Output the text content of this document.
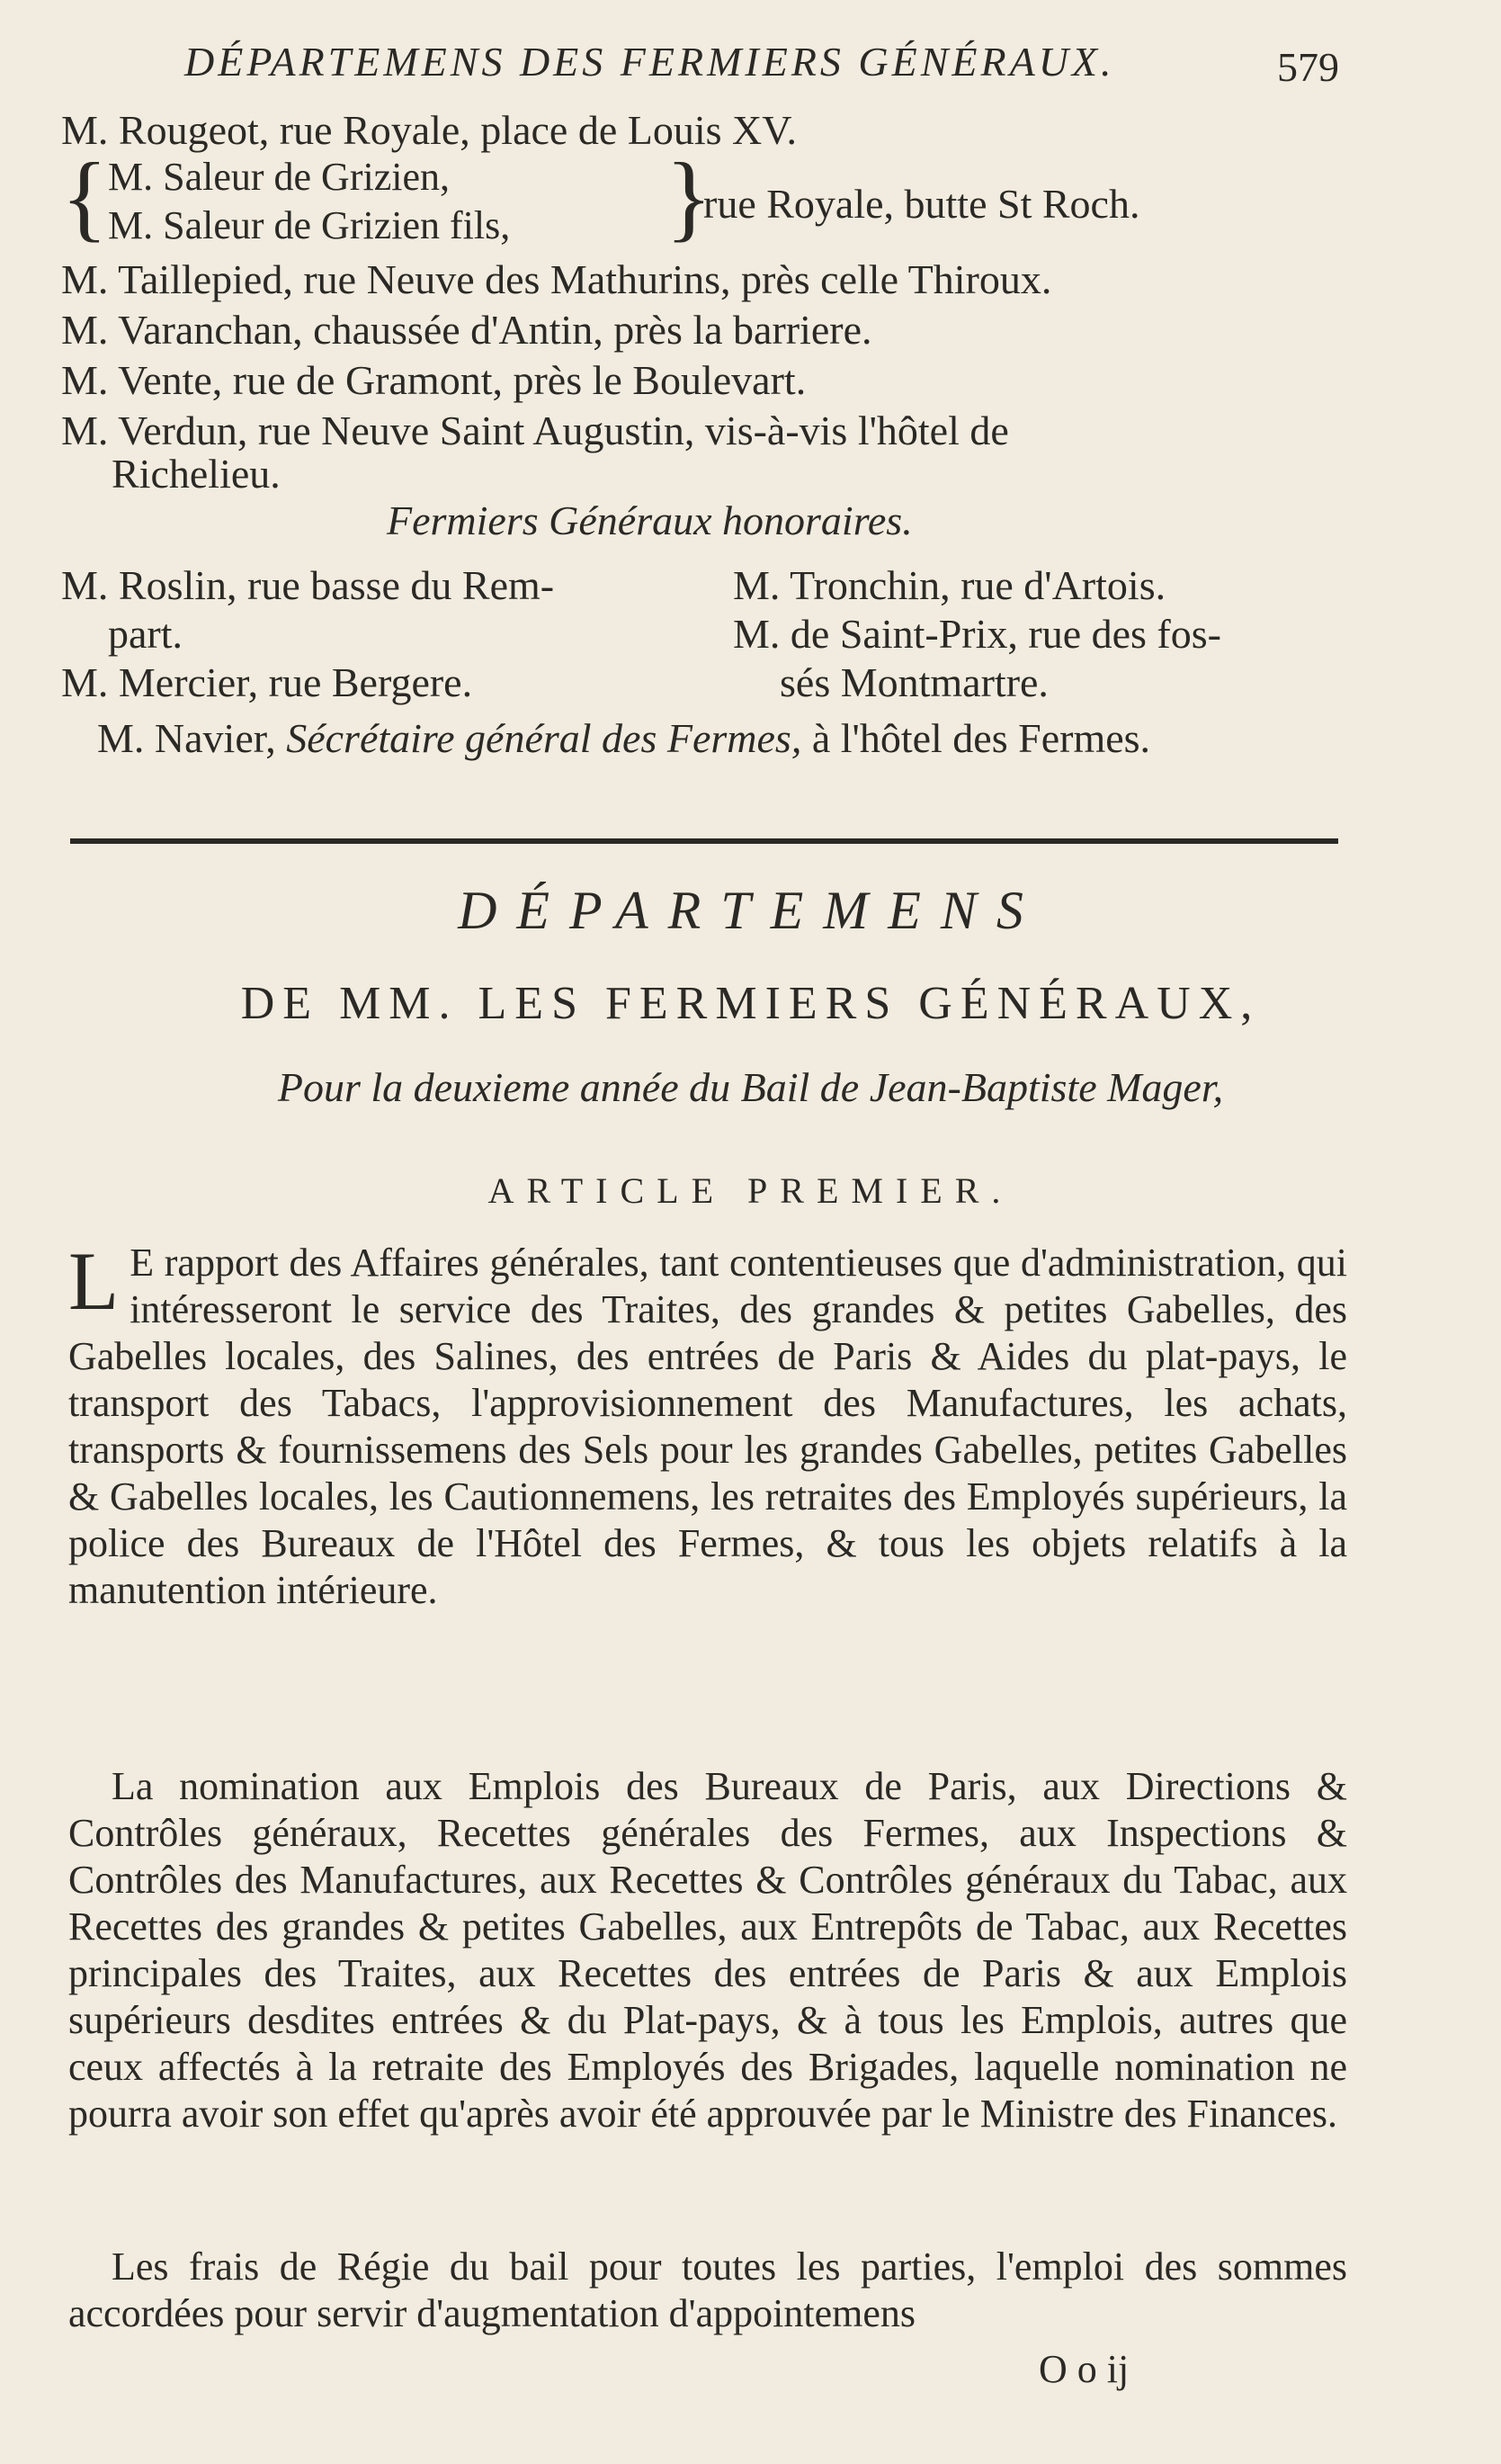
DÉPARTEMENS DES FERMIERS GÉNÉRAUX.	579
M. Rougeot, rue Royale, place de Louis XV.
{ M. Saleur de Grizien,
M. Saleur de Grizien fils, }
rue Royale, butte St Roch.
M. Taillepied, rue Neuve des Mathurins, près celle Thiroux.
M. Varanchan, chaussée d'Antin, près la barriere.
M. Vente, rue de Gramont, près le Boulevart.
M. Verdun, rue Neuve Saint Augustin, vis-à-vis l'hôtel de
Richelieu.
Fermiers Généraux honoraires.
M. Roslin, rue basse du Rem-
part.
M. Mercier, rue Bergere.
M. Tronchin, rue d'Artois.
M. de Saint-Prix, rue des fos-
sés Montmartre.
M. Navier, Sécrétaire général des Fermes, à l'hôtel des Fermes.
DÉPARTEMENS
DE MM. LES FERMIERS GÉNÉRAUX,
Pour la deuxieme année du Bail de Jean-Baptiste Mager,
ARTICLE PREMIER.
L E rapport des Affaires générales, tant contentieuses que d'administration, qui intéresseront le service des Traites, des grandes & petites Gabelles, des Gabelles locales, des Salines, des entrées de Paris & Aides du plat-pays, le transport des Tabacs, l'approvisionnement des Manufactures, les achats, transports & fournissemens des Sels pour les grandes Gabelles, petites Gabelles & Gabelles locales, les Cautionnemens, les retraites des Employés supérieurs, la police des Bureaux de l'Hôtel des Fermes, & tous les objets relatifs à la manutention intérieure.
La nomination aux Emplois des Bureaux de Paris, aux Directions & Contrôles généraux, Recettes générales des Fermes, aux Inspections & Contrôles des Manufactures, aux Recettes & Contrôles généraux du Tabac, aux Recettes des grandes & petites Gabelles, aux Entrepôts de Tabac, aux Recettes principales des Traites, aux Recettes des entrées de Paris & aux Emplois supérieurs desdites entrées & du Plat-pays, & à tous les Emplois, autres que ceux affectés à la retraite des Employés des Brigades, laquelle nomination ne pourra avoir son effet qu'après avoir été approuvée par le Ministre des Finances.
Les frais de Régie du bail pour toutes les parties, l'emploi des sommes accordées pour servir d'augmentation d'appointemens
O o ij
